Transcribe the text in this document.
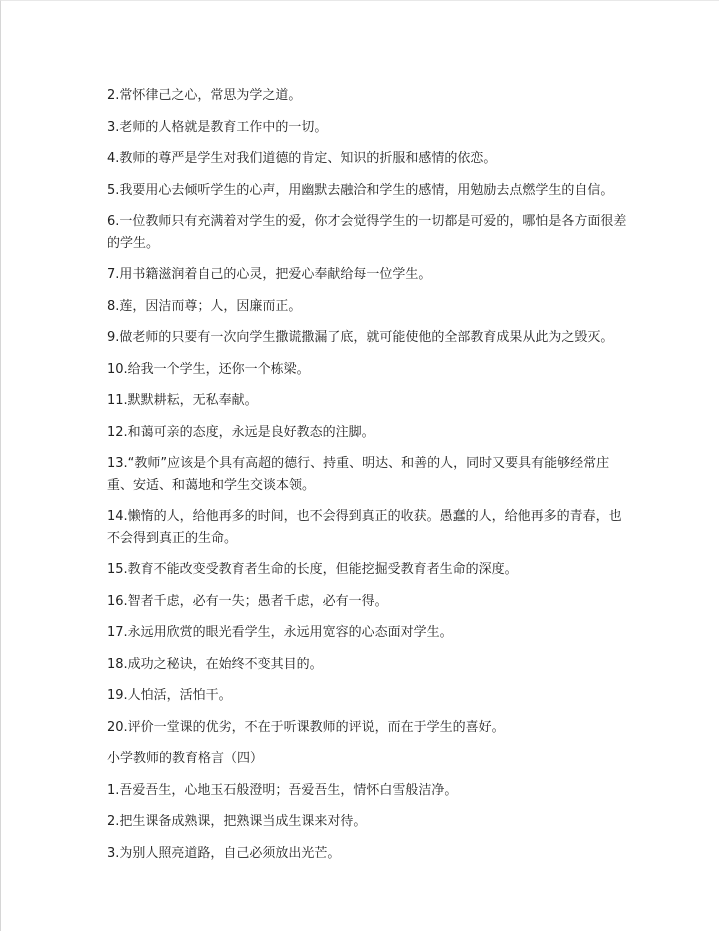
2.常怀律己之心，常思为学之道。

3.老师的人格就是教育工作中的一切。

4.教师的尊严是学生对我们道德的肯定、知识的折服和感情的依恋。

5.我要用心去倾听学生的心声，用幽默去融洽和学生的感情，用勉励去点燃学生的自信。

6.一位教师只有充满着对学生的爱，你才会觉得学生的一切都是可爱的，哪怕是各方面很差的学生。

7.用书籍滋润着自己的心灵，把爱心奉献给每一位学生。

8.莲，因洁而尊；人，因廉而正。

9.做老师的只要有一次向学生撒谎撒漏了底，就可能使他的全部教育成果从此为之毁灭。

10.给我一个学生，还你一个栋梁。

11.默默耕耘，无私奉献。

12.和蔼可亲的态度，永远是良好教态的注脚。

13.“教师”应该是个具有高超的德行、持重、明达、和善的人，同时又要具有能够经常庄重、安适、和蔼地和学生交谈本领。

14.懒惰的人，给他再多的时间，也不会得到真正的收获。愚蠢的人，给他再多的青春，也不会得到真正的生命。

15.教育不能改变受教育者生命的长度，但能挖掘受教育者生命的深度。

16.智者千虑，必有一失；愚者千虑，必有一得。

17.永远用欣赏的眼光看学生，永远用宽容的心态面对学生。

18.成功之秘诀，在始终不变其目的。

19.人怕活，活怕干。

20.评价一堂课的优劣，不在于听课教师的评说，而在于学生的喜好。

小学教师的教育格言（四）

1.吾爱吾生，心地玉石般澄明；吾爱吾生，情怀白雪般洁净。

2.把生课备成熟课，把熟课当成生课来对待。

3.为别人照亮道路，自己必须放出光芒。
